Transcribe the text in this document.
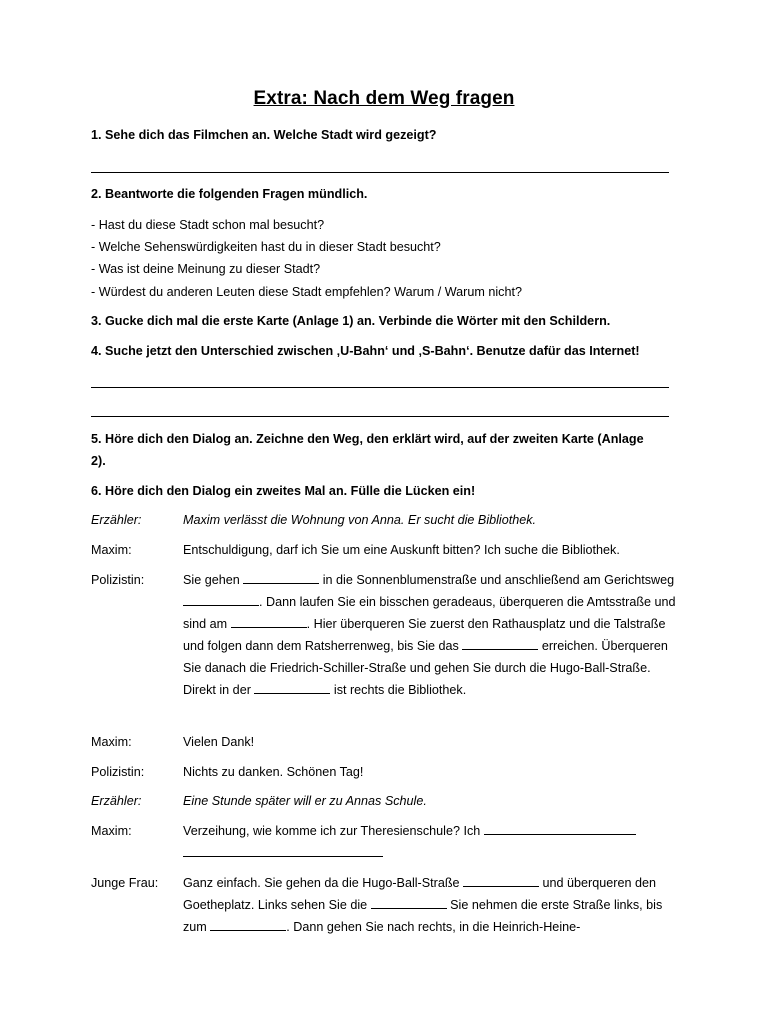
Extra: Nach dem Weg fragen
1. Sehe dich das Filmchen an. Welche Stadt wird gezeigt?
2. Beantworte die folgenden Fragen mündlich.
- Hast du diese Stadt schon mal besucht?
- Welche Sehenswürdigkeiten hast du in dieser Stadt besucht?
- Was ist deine Meinung zu dieser Stadt?
- Würdest du anderen Leuten diese Stadt empfehlen? Warum / Warum nicht?
3. Gucke dich mal die erste Karte (Anlage 1) an. Verbinde die Wörter mit den Schildern.
4. Suche jetzt den Unterschied zwischen ‚U-Bahn‘ und ‚S-Bahn‘. Benutze dafür das Internet!
5. Höre dich den Dialog an. Zeichne den Weg, den erklärt wird, auf der zweiten Karte (Anlage 2).
6. Höre dich den Dialog ein zweites Mal an. Fülle die Lücken ein!
Erzähler:	Maxim verlässt die Wohnung von Anna. Er sucht die Bibliothek.
Maxim:	Entschuldigung, darf ich Sie um eine Auskunft bitten? Ich suche die Bibliothek.
Polizistin:	Sie gehen	in die Sonnenblumenstraße und anschließend am Gerichtsweg . Dann laufen Sie ein bisschen geradeaus, überqueren die Amtsstraße und sind am	. Hier überqueren Sie zuerst den Rathausplatz und die Talstraße und folgen dann dem Ratsherrenweg, bis Sie das	erreichen. Überqueren Sie danach die Friedrich-Schiller-Straße und gehen Sie durch die Hugo-Ball-Straße. Direkt in der	ist rechts die Bibliothek.
Maxim:	Vielen Dank!
Polizistin:	Nichts zu danken. Schönen Tag!
Erzähler:	Eine Stunde später will er zu Annas Schule.
Maxim:	Verzeihung, wie komme ich zur Theresienschule? Ich

Junge Frau: Ganz einfach. Sie gehen da die Hugo-Ball-Straße	und überqueren den Goetheplatz. Links sehen Sie die	Sie nehmen die erste Straße links, bis zum	. Dann gehen Sie nach rechts, in die Heinrich-Heine-
